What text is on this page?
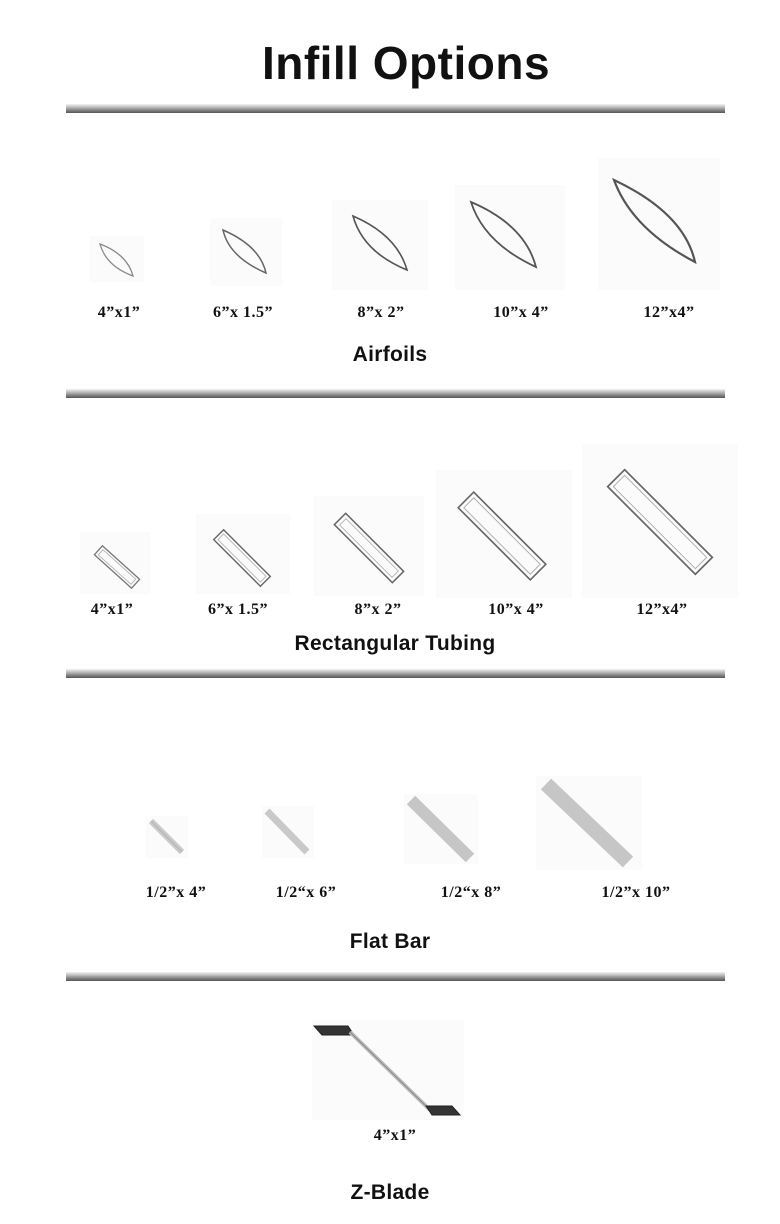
Infill Options
4”x1”	6”x 1.5”	8”x 2”	10”x 4”	12”x4”
Airfoils
4”x1”	6”x 1.5”	8”x 2”	10”x 4”	12”x4”
Rectangular Tubing
1/2”x 4”	1/2“x 6”	1/2“x 8”	1/2”x 10”
Flat Bar
4”x1”
Z-Blade
